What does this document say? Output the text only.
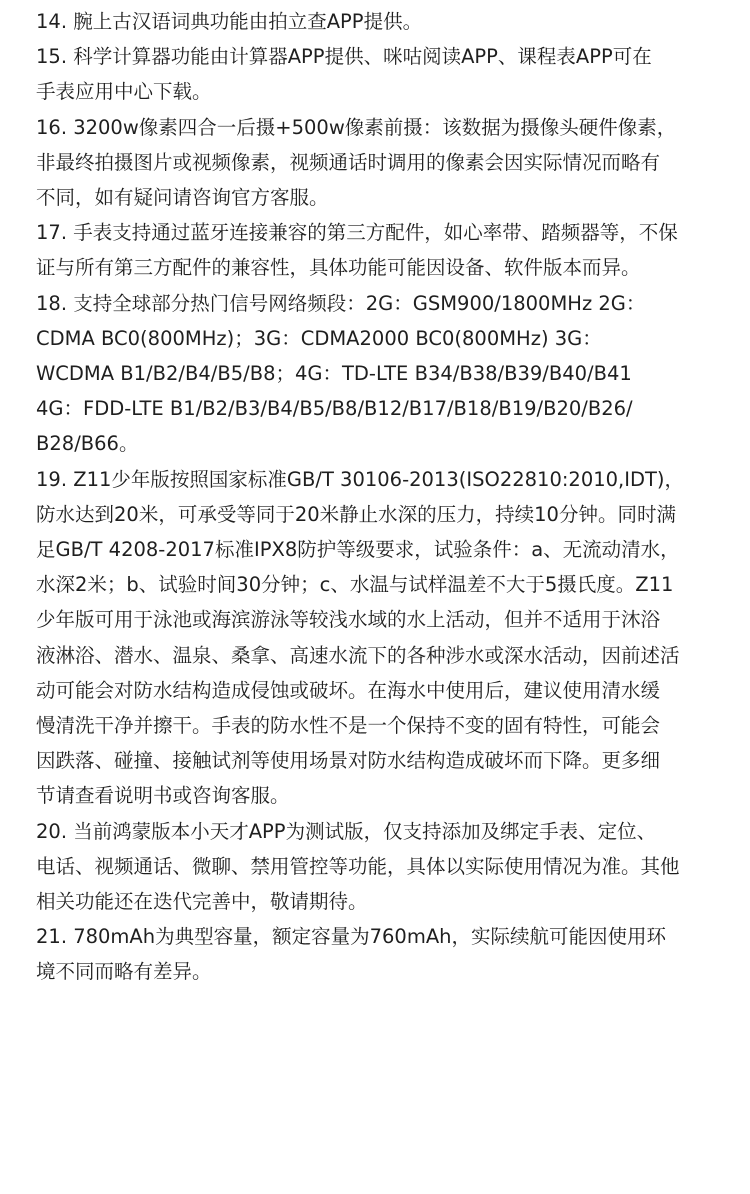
14. 腕上古汉语词典功能由拍立查APP提供。
15. 科学计算器功能由计算器APP提供、咪咕阅读APP、课程表APP可在
手表应用中心下载。
16. 3200w像素四合一后摄+500w像素前摄：该数据为摄像头硬件像素，
非最终拍摄图片或视频像素，视频通话时调用的像素会因实际情况而略有
不同，如有疑问请咨询官方客服。
17. 手表支持通过蓝牙连接兼容的第三方配件，如心率带、踏频器等，不保
证与所有第三方配件的兼容性，具体功能可能因设备、软件版本而异。
18. 支持全球部分热门信号网络频段：2G：GSM900/1800MHz 2G：
CDMA BC0(800MHz)；3G：CDMA2000 BC0(800MHz) 3G：
WCDMA B1/B2/B4/B5/B8；4G：TD-LTE B34/B38/B39/B40/B41
4G：FDD-LTE B1/B2/B3/B4/B5/B8/B12/B17/B18/B19/B20/B26/
B28/B66。
19. Z11少年版按照国家标准GB/T 30106-2013(ISO22810:2010,IDT)，
防水达到20米，可承受等同于20米静止水深的压力，持续10分钟。同时满
足GB/T 4208-2017标准IPX8防护等级要求，试验条件：a、无流动清水，
水深2米；b、试验时间30分钟；c、水温与试样温差不大于5摄氏度。Z11
少年版可用于泳池或海滨游泳等较浅水域的水上活动，但并不适用于沐浴
液淋浴、潜水、温泉、桑拿、高速水流下的各种涉水或深水活动，因前述活
动可能会对防水结构造成侵蚀或破坏。在海水中使用后，建议使用清水缓
慢清洗干净并擦干。手表的防水性不是一个保持不变的固有特性，可能会
因跌落、碰撞、接触试剂等使用场景对防水结构造成破坏而下降。更多细
节请查看说明书或咨询客服。
20. 当前鸿蒙版本小天才APP为测试版，仅支持添加及绑定手表、定位、
电话、视频通话、微聊、禁用管控等功能，具体以实际使用情况为准。其他
相关功能还在迭代完善中，敬请期待。
21. 780mAh为典型容量，额定容量为760mAh，实际续航可能因使用环
境不同而略有差异。
